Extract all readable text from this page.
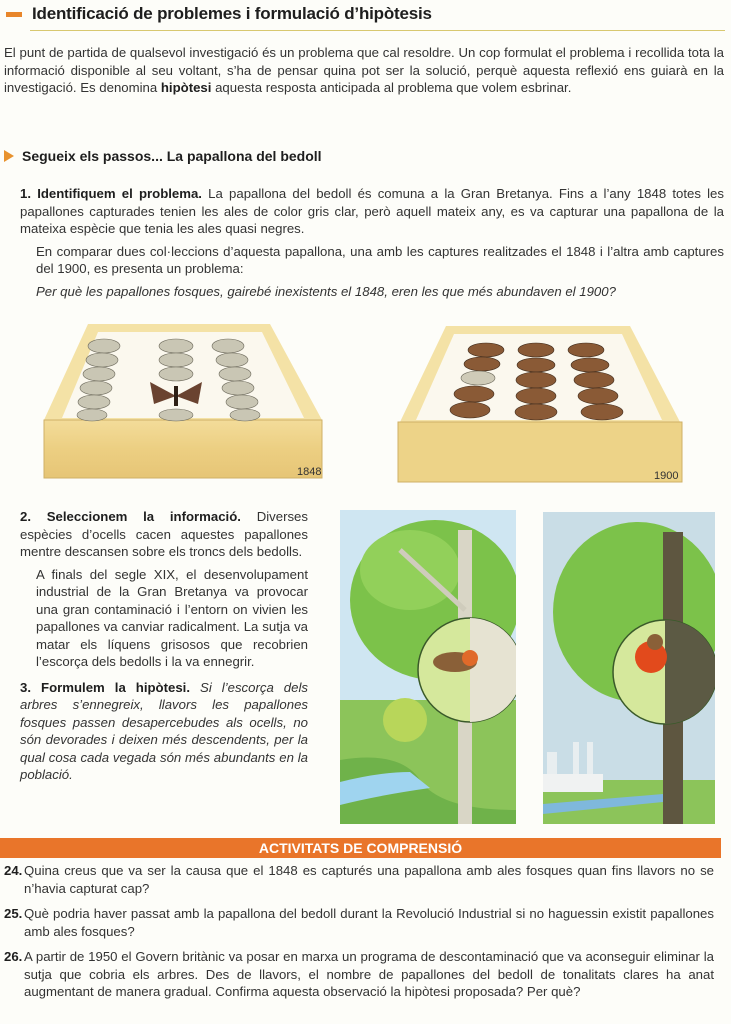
Identificació de problemes i formulació d’hipòtesis
El punt de partida de qualsevol investigació és un problema que cal resoldre. Un cop formulat el problema i recollida tota la informació disponible al seu voltant, s’ha de pensar quina pot ser la solució, perquè aquesta reflexió ens guiarà en la investigació. Es denomina hipòtesi aquesta resposta anticipada al problema que volem esbrinar.
Segueix els passos... La papallona del bedoll

1. Identifiquem el problema. La papallona del bedoll és comuna a la Gran Bretanya. Fins a l’any 1848 totes les papallones capturades tenien les ales de color gris clar, però aquell mateix any, es va capturar una papallona de la mateixa espècie que tenia les ales quasi negres.

En comparar dues col·leccions d’aquesta papallona, una amb les captures realitzades el 1848 i l’altra amb captures del 1900, es presenta un problema:

Per què les papallones fosques, gairebé inexistents el 1848, eren les que més abundaven el 1900?

1848	1900

2. Seleccionem la informació. Diverses espècies d’ocells cacen aquestes papallones mentre descansen sobre els troncs dels bedolls.

A finals del segle XIX, el desenvolupament industrial de la Gran Bretanya va provocar una gran contaminació i l’entorn on vivien les papallones va canviar radicalment. La sutja va matar els líquens grisosos que recobrien l’escorça dels bedolls i la va ennegrir.

3. Formulem la hipòtesi. Si l’escorça dels arbres s’ennegreix, llavors les papallones fosques passen desapercebudes als ocells, no són devorades i deixen més descendents, per la qual cosa cada vegada són més abundants en la població.

ACTIVITATS DE COMPRENSIÓ

24. Quina creus que va ser la causa que el 1848 es capturés una papallona amb ales fosques quan fins llavors no se n’havia capturat cap?

25. Què podria haver passat amb la papallona del bedoll durant la Revolució Industrial si no haguessin existit papallones amb ales fosques?

26. A partir de 1950 el Govern britànic va posar en marxa un programa de descontaminació que va aconseguir eliminar la sutja que cobria els arbres. Des de llavors, el nombre de papallones del bedoll de tonalitats clares ha anat augmentant de manera gradual. Confirma aquesta observació la hipòtesi proposada? Per què?
